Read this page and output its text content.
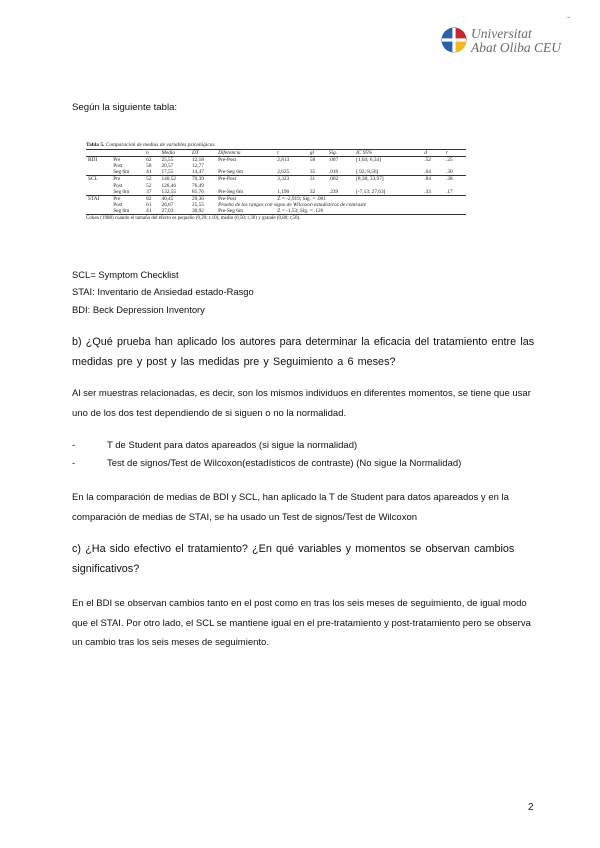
-
Universitat
Abat Oliba CEU
Según la siguiente tabla:
Tabla 5. Comparación de medias de variables psicológicas
		n	Media	DT	Diferencia	t	gl	Sig.	IC 95%	d	r
BDI	Pre	62	25,55	12,18	Pre-Post	2,813	58	.007	[1,04; 6,34]	.52	.25
	Post	58	20,57	12,77							
	Seg 6m	41	17,55	14,47	Pre-Seg 6m	2,625	35	.016	[.92; 8,56]	.64	.30
SCL	Pre	52	140,52	70,39	Pre-Post	3,323	31	.002	[8,38; 33,97]	.84	.38
	Post	52	126,46	76,49							
	Seg 6m	37	132,55	81,76	Pre-Seg 6m	1,196	32	.239	[-7,13; 27,63]	.33	.17
STAI	Pre	82	40,45	29,36	Pre-Post	Z = -2,919; Sig. = .001					
	Post	61	26,67	25,55	Prueba de los rangos con signo de Wilcoxon estadísticos de contraste						
	Seg 6m	41	27,03	30,92	Pre-Seg 6m	Z = -1,53; Sig. = .126					
Cohen (1988) cuando el tamaño del efecto es pequeño (0,20; r,10), medio (0,50; r,30) y grande (0,80; r,50).
SCL= Symptom Checklist
STAI: Inventario de Ansiedad estado-Rasgo
BDI: Beck Depression Inventory
b) ¿Qué prueba han aplicado los autores para determinar la eficacia del tratamiento entre las medidas pre y post y las medidas pre y Seguimiento a 6 meses?
Al ser muestras relacionadas, es decir, son los mismos individuos en diferentes momentos, se tiene que usar uno de los dos test dependiendo de si siguen o no la normalidad.
-	T de Student para datos apareados (si sigue la normalidad)
-	Test de signos/Test de Wilcoxon(estadísticos de contraste) (No sigue la Normalidad)
En la comparación de medias de BDI y SCL, han aplicado la T de Student para datos apareados y en la comparación de medias de STAI, se ha usado un Test de signos/Test de Wilcoxon
c) ¿Ha sido efectivo el tratamiento? ¿En qué variables y momentos se observan cambios significativos?
En el BDI se observan cambios tanto en el post como en tras los seis meses de seguimiento, de igual modo que el STAI. Por otro lado, el SCL se mantiene igual en el pre-tratamiento y post-tratamiento pero se observa un cambio tras los seis meses de seguimiento.
2
